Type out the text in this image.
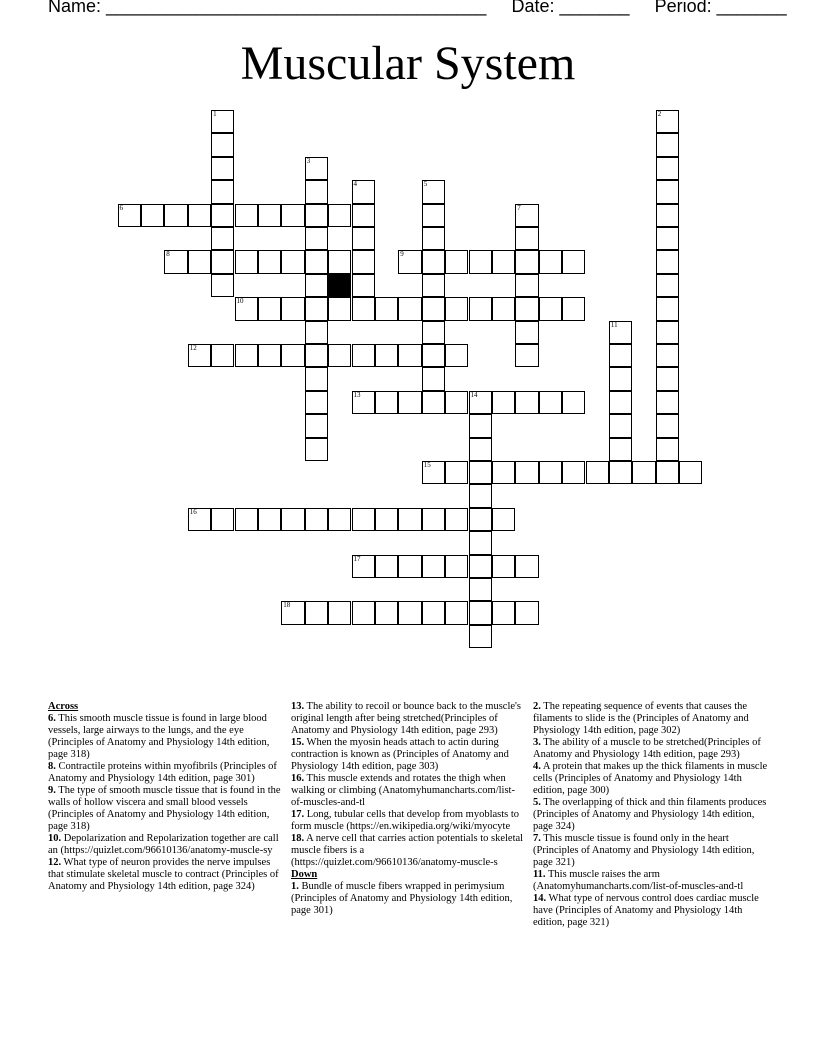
Name: ______________________________________ Date: _______ Period: _______
Muscular System
6
8	9
10
12
13	14
15
16
17
18
1	2
3
4	5
7
11
Across
6. This smooth muscle tissue is found in large blood vessels, large airways to the lungs, and the eye (Principles of Anatomy and Physiology 14th edition, page 318)
8. Contractile proteins within myofibrils (Principles of Anatomy and Physiology 14th edition, page 301)
9. The type of smooth muscle tissue that is found in the walls of hollow viscera and small blood vessels (Principles of Anatomy and Physiology 14th edition, page 318)
10. Depolarization and Repolarization together are call an (https://quizlet.com/96610136/anatomy-muscle-sy
12. What type of neuron provides the nerve impulses that stimulate skeletal muscle to contract (Principles of Anatomy and Physiology 14th edition, page 324)
13. The ability to recoil or bounce back to the muscle's original length after being stretched(Principles of Anatomy and Physiology 14th edition, page 293)
15. When the myosin heads attach to actin during contraction is known as (Principles of Anatomy and Physiology 14th edition, page 303)
16. This muscle extends and rotates the thigh when walking or climbing (Anatomyhumancharts.com/list-of-muscles-and-tl
17. Long, tubular cells that develop from myoblasts to form muscle (https://en.wikipedia.org/wiki/myocyte
18. A nerve cell that carries action potentials to skeletal muscle fibers is a (https://quizlet.com/96610136/anatomy-muscle-s
Down
1. Bundle of muscle fibers wrapped in perimysium (Principles of Anatomy and Physiology 14th edition, page 301)
2. The repeating sequence of events that causes the filaments to slide is the (Principles of Anatomy and Physiology 14th edition, page 302)
3. The ability of a muscle to be stretched(Principles of Anatomy and Physiology 14th edition, page 293)
4. A protein that makes up the thick filaments in muscle cells (Principles of Anatomy and Physiology 14th edition, page 300)
5. The overlapping of thick and thin filaments produces (Principles of Anatomy and Physiology 14th edition, page 324)
7. This muscle tissue is found only in the heart (Principles of Anatomy and Physiology 14th edition, page 321)
11. This muscle raises the arm (Anatomyhumancharts.com/list-of-muscles-and-tl
14. What type of nervous control does cardiac muscle have (Principles of Anatomy and Physiology 14th edition, page 321)
